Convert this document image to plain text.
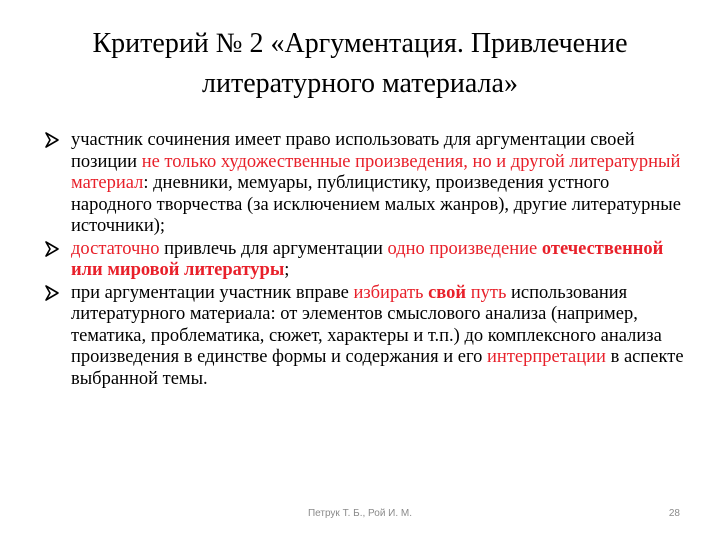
Критерий № 2 «Аргументация. Привлечение
литературного материала»
участник сочинения имеет право использовать для аргументации своей позиции не только художественные произведения, но и другой литературный материал: дневники, мемуары, публицистику, произведения устного народного творчества (за исключением малых жанров), другие литературные источники);
достаточно привлечь для аргументации одно произведение отечественной или мировой литературы;
при аргументации участник вправе избирать свой путь использования литературного материала: от элементов смыслового анализа (например, тематика, проблематика, сюжет, характеры и т.п.) до комплексного анализа произведения в единстве формы и содержания и его интерпретации в аспекте выбранной темы.
Петрук Т. Б., Рой И. М.	28
